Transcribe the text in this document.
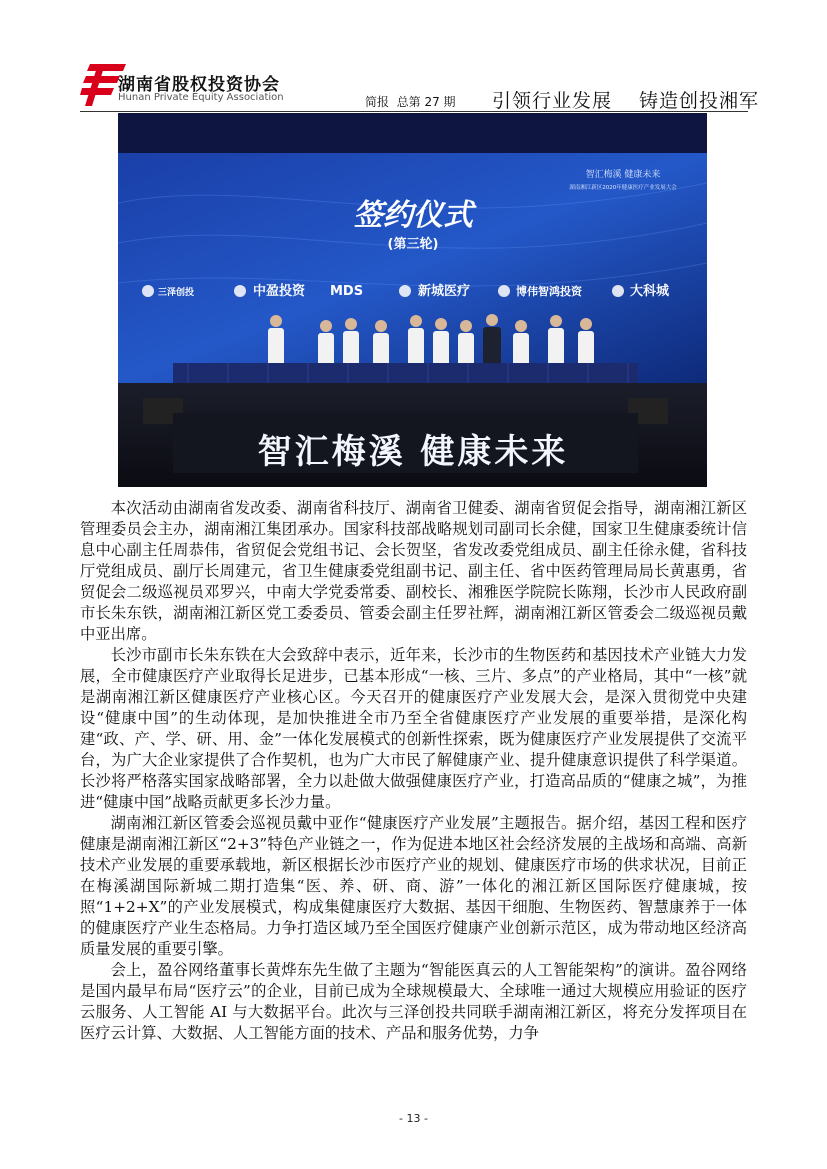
湖南省股权投资协会
Hunan Private Equity Association	简报  总第 27 期 引领行业发展 铸造创投湘军
智汇梅溪 健康未来
湖南湘江新区2020年健康医疗产业发展大会
签约仪式
(第三轮)
三泽创投	中盈投资 MDS	新城医疗	博伟智鸿投资	大科城
智汇梅溪 健康未来

本次活动由湖南省发改委、湖南省科技厅、湖南省卫健委、湖南省贸促会指导，湖南湘江新区管理委员会主办，湖南湘江集团承办。国家科技部战略规划司副司长余健，国家卫生健康委统计信息中心副主任周恭伟，省贸促会党组书记、会长贺坚，省发改委党组成员、副主任徐永健，省科技厅党组成员、副厅长周建元，省卫生健康委党组副书记、副主任、省中医药管理局局长黄惠勇，省贸促会二级巡视员邓罗兴，中南大学党委常委、副校长、湘雅医学院院长陈翔，长沙市人民政府副市长朱东铁，湖南湘江新区党工委委员、管委会副主任罗社辉，湖南湘江新区管委会二级巡视员戴中亚出席。

长沙市副市长朱东铁在大会致辞中表示，近年来，长沙市的生物医药和基因技术产业链大力发展，全市健康医疗产业取得长足进步，已基本形成“一核、三片、多点”的产业格局，其中“一核”就是湖南湘江新区健康医疗产业核心区。今天召开的健康医疗产业发展大会，是深入贯彻党中央建设“健康中国”的生动体现，是加快推进全市乃至全省健康医疗产业发展的重要举措，是深化构建“政、产、学、研、用、金”一体化发展模式的创新性探索，既为健康医疗产业发展提供了交流平台，为广大企业家提供了合作契机，也为广大市民了解健康产业、提升健康意识提供了科学渠道。长沙将严格落实国家战略部署，全力以赴做大做强健康医疗产业，打造高品质的“健康之城”，为推进“健康中国”战略贡献更多长沙力量。

湖南湘江新区管委会巡视员戴中亚作“健康医疗产业发展”主题报告。据介绍，基因工程和医疗健康是湖南湘江新区“2+3”特色产业链之一，作为促进本地区社会经济发展的主战场和高端、高新技术产业发展的重要承载地，新区根据长沙市医疗产业的规划、健康医疗市场的供求状况，目前正在梅溪湖国际新城二期打造集“医、养、研、商、游”一体化的湘江新区国际医疗健康城，按照“1+2+X”的产业发展模式，构成集健康医疗大数据、基因干细胞、生物医药、智慧康养于一体的健康医疗产业生态格局。力争打造区域乃至全国医疗健康产业创新示范区，成为带动地区经济高质量发展的重要引擎。

会上，盈谷网络董事长黄烨东先生做了主题为“智能医真云的人工智能架构”的演讲。盈谷网络是国内最早布局“医疗云”的企业，目前已成为全球规模最大、全球唯一通过大规模应用验证的医疗云服务、人工智能 AI 与大数据平台。此次与三泽创投共同联手湖南湘江新区，将充分发挥项目在医疗云计算、大数据、人工智能方面的技术、产品和服务优势，力争

- 13 -
